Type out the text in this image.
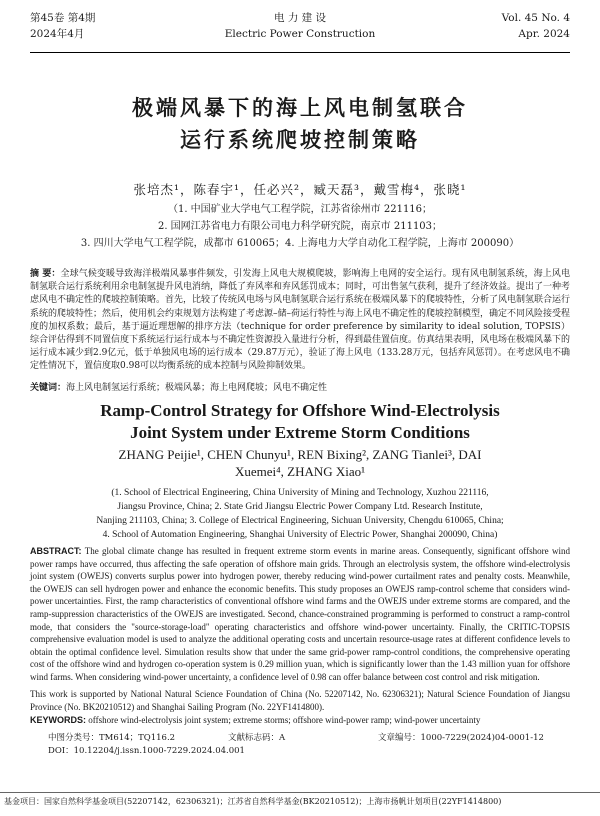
第45卷 第4期	电 力 建 设	Vol. 45 No. 4
2024年4月	Electric Power Construction	Apr. 2024
极端风暴下的海上风电制氢联合
运行系统爬坡控制策略
张培杰¹，陈春宇¹，任必兴²，臧天磊³，戴雪梅⁴，张晓¹
（1. 中国矿业大学电气工程学院，江苏省徐州市 221116；
2. 国网江苏省电力有限公司电力科学研究院，南京市 211103；
3. 四川大学电气工程学院，成都市 610065；4. 上海电力大学自动化工程学院，上海市 200090）
摘 要：全球气候变暖导致海洋极端风暴事件频发，引发海上风电大规模爬坡，影响海上电网的安全运行。现有风电制氢系统，海上风电制氢联合运行系统利用余电制氢提升风电消纳，降低了弃风率和弃风惩罚成本；同时，可出售氢气获利，提升了经济效益。提出了一种考虑风电不确定性的爬坡控制策略。首先，比较了传统风电场与风电制氢联合运行系统在极端风暴下的爬坡特性，分析了风电制氢联合运行系统的爬坡特性；然后，使用机会约束规划方法构建了考虑源–储–荷运行特性与海上风电不确定性的爬坡控制模型，确定不同风险接受程度的加权系数；最后，基于逼近理想解的排序方法（technique for order preference by similarity to ideal solution, TOPSIS）综合评估得到不同置信度下系统运行运行成本与不确定性资源投入量进行分析，得到最佳置信度。仿真结果表明，风电场在极端风暴下的运行成本减少到2.9亿元，低于单独风电场的运行成本（29.87万元），验证了海上风电（133.28万元，包括弃风惩罚）。在考虑风电不确定性情况下，置信度取0.98可以均衡系统的成本控制与风险抑制效果。
关键词：海上风电制氢运行系统；极端风暴；海上电网爬坡；风电不确定性
Ramp-Control Strategy for Offshore Wind-Electrolysis
Joint System under Extreme Storm Conditions
ZHANG Peijie¹, CHEN Chunyu¹, REN Bixing², ZANG Tianlei³, DAI Xuemei⁴, ZHANG Xiao¹
(1. School of Electrical Engineering, China University of Mining and Technology, Xuzhou 221116,
Jiangsu Province, China; 2. State Grid Jiangsu Electric Power Company Ltd. Research Institute,
Nanjing 211103, China; 3. College of Electrical Engineering, Sichuan University, Chengdu 610065, China;
4. School of Automation Engineering, Shanghai University of Electric Power, Shanghai 200090, China)
ABSTRACT: The global climate change has resulted in frequent extreme storm events in marine areas. Consequently, significant offshore wind power ramps have occurred, thus affecting the safe operation of offshore main grids. Through an electrolysis system, the offshore wind-electrolysis joint system (OWEJS) converts surplus power into hydrogen power, thereby reducing wind-power curtailment rates and penalty costs. Meanwhile, the OWEJS can sell hydrogen power and enhance the economic benefits. This study proposes an OWEJS ramp-control scheme that considers wind-power uncertainties. First, the ramp characteristics of conventional offshore wind farms and the OWEJS under extreme storms are compared, and the ramp-suppression characteristics of the OWEJS are investigated. Second, chance-constrained programming is performed to construct a ramp-control mode, that considers the "source-storage-load" operating characteristics and offshore wind-power uncertainty. Finally, the CRITIC-TOPSIS comprehensive evaluation model is used to analyze the additional operating costs and uncertain resource-usage rates at different confidence levels to obtain the optimal confidence level. Simulation results show that under the same grid-power ramp-control conditions, the comprehensive operating cost of the offshore wind and hydrogen co-operation system is 0.29 million yuan, which is significantly lower than the 1.43 million yuan for offshore wind farms. When considering wind-power uncertainty, a confidence level of 0.98 can offer balance between cost control and risk mitigation.
This work is supported by National Natural Science Foundation of China (No. 52207142, No. 62306321); Natural Science Foundation of Jiangsu Province (No. BK20210512) and Shanghai Sailing Program (No. 22YF1414800).
KEYWORDS: offshore wind-electrolysis joint system; extreme storms; offshore wind-power ramp; wind-power uncertainty
中图分类号：TM614；TQ116.2	文献标志码：A	文章编号：1000-7229(2024)04-0001-12
DOI：10.12204/j.issn.1000-7229.2024.04.001
基金项目：国家自然科学基金项目(52207142，62306321)；江苏省自然科学基金(BK20210512)；上海市扬帆计划项目(22YF1414800)
